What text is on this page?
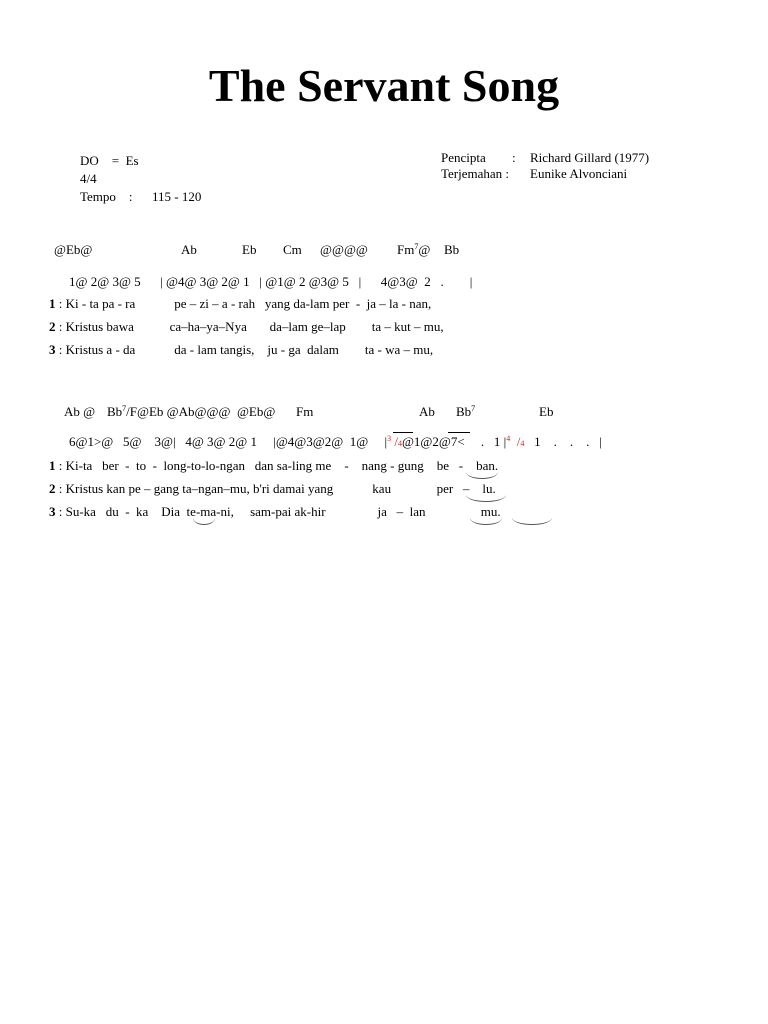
The Servant Song
DO    =  Es
4/4
Tempo    : 115 - 120
Pencipta : Richard Gillard (1977)
Terjemahan : Eunike Alvonciani
@Eb@	Ab	Eb Cm @@@@ Fm$^7$@ Bb
1@ 2@ 3@ 5      | @4@ 3@ 2@ 1   | @1@ 2 @3@ 5   |      4@3@  2   .        |
1 : Ki - ta pa - ra            pe – zi – a - rah   yang da-lam per  -  ja – la - nan,
2 : Kristus bawa           ca–ha–ya–Nya       da–lam ge–lap        ta – kut – mu,
3 : Kristus a - da            da - lam tangis,    ju - ga  dalam        ta - wa – mu,
Ab @ Bb$^7$/F@Eb @Ab@@@  @Eb@ Fm	Ab Bb$^7$	Eb
6@1>@   5@    3@|   4@ 3@ 2@ 1     |@4@3@2@  1@ $|^3$ /4@1@2@7<     .   1 $|^4$ /4 1    .    .    .   |
1 : Ki-ta   ber  -  to  -  long-to-lo-ngan   dan sa-ling me    -    nang - gung    be   -    ban.
2 : Kristus kan pe – gang ta–ngan–mu, b'ri damai yang            kau              per   –    lu.
3 : Su-ka   du  -  ka    Dia  te-ma-ni,     sam-pai ak-hir                ja   –  lan                 mu.
